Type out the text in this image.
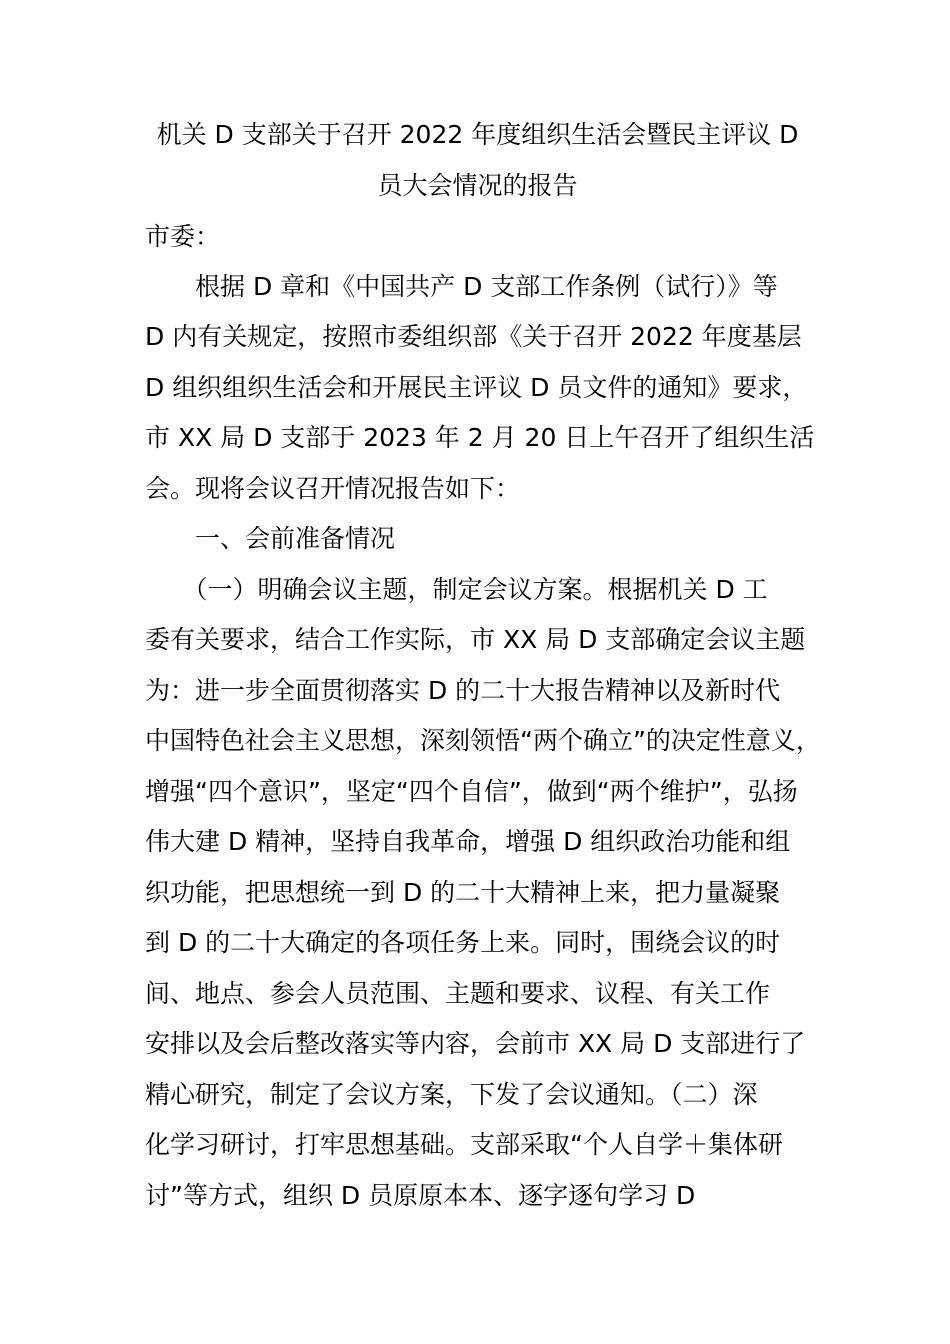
机关 D 支部关于召开 2022 年度组织生活会暨民主评议 D
员大会情况的报告
市委：
　　根据 D 章和《中国共产 D 支部工作条例（试行）》等
D 内有关规定，按照市委组织部《关于召开 2022 年度基层
D 组织组织生活会和开展民主评议 D 员文件的通知》要求，
市 XX 局 D 支部于 2023 年 2 月 20 日上午召开了组织生活
会。现将会议召开情况报告如下：
　　一、会前准备情况
　　（一）明确会议主题，制定会议方案。根据机关 D 工
委有关要求，结合工作实际，市 XX 局 D 支部确定会议主题
为：进一步全面贯彻落实 D 的二十大报告精神以及新时代
中国特色社会主义思想，深刻领悟“两个确立”的决定性意义，
增强“四个意识”，坚定“四个自信”，做到“两个维护”，弘扬
伟大建 D 精神，坚持自我革命，增强 D 组织政治功能和组
织功能，把思想统一到 D 的二十大精神上来，把力量凝聚
到 D 的二十大确定的各项任务上来。同时，围绕会议的时
间、地点、参会人员范围、主题和要求、议程、有关工作
安排以及会后整改落实等内容，会前市 XX 局 D 支部进行了
精心研究，制定了会议方案，下发了会议通知。（二）深
化学习研讨，打牢思想基础。支部采取“个人自学＋集体研
讨”等方式，组织 D 员原原本本、逐字逐句学习 D
